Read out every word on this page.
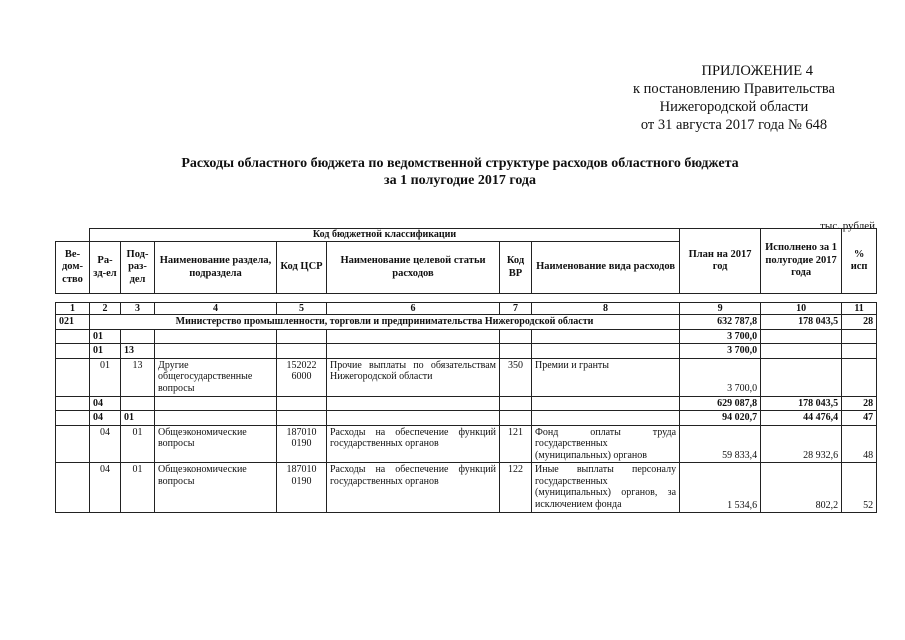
ПРИЛОЖЕНИЕ 4
к постановлению Правительства
Нижегородской области
от 31 августа 2017 года № 648
Расходы областного бюджета по ведомственной структуре расходов областного бюджета
за 1 полугодие 2017 года
тыс. рублей
	Код бюджетной классификации							План на 2017 год	Исполнено за 1 полугодие 2017 года	% исп
Ве-дом-ство	Ра-зд-ел	Под-раз-дел	Наименование раздела, подраздела	Код ЦСР	Наименование целевой статьи расходов	Код ВР	Наименование вида расходов			

1	2	3	4	5	6	7	8	9	10	11
021	Министерство промышленности, торговли и предпринимательства Нижегородской области							632 787,8	178 043,5	28
	01							3 700,0		
	01	13						3 700,0		
	01	13	Другие общегосударственные вопросы	152022 6000	Прочие выплаты по обязательствам Нижегородской области	350	Премии и гранты	3 700,0		
	04							629 087,8	178 043,5	28
	04	01						94 020,7	44 476,4	47
	04	01	Общеэкономические вопросы	187010 0190	Расходы на обеспечение функций государственных органов	121	Фонд оплаты труда государственных (муниципальных) органов	59 833,4	28 932,6	48
	04	01	Общеэкономические вопросы	187010 0190	Расходы на обеспечение функций государственных органов	122	Иные выплаты персоналу государственных (муниципальных) органов, за исключением фонда	1 534,6	802,2	52
